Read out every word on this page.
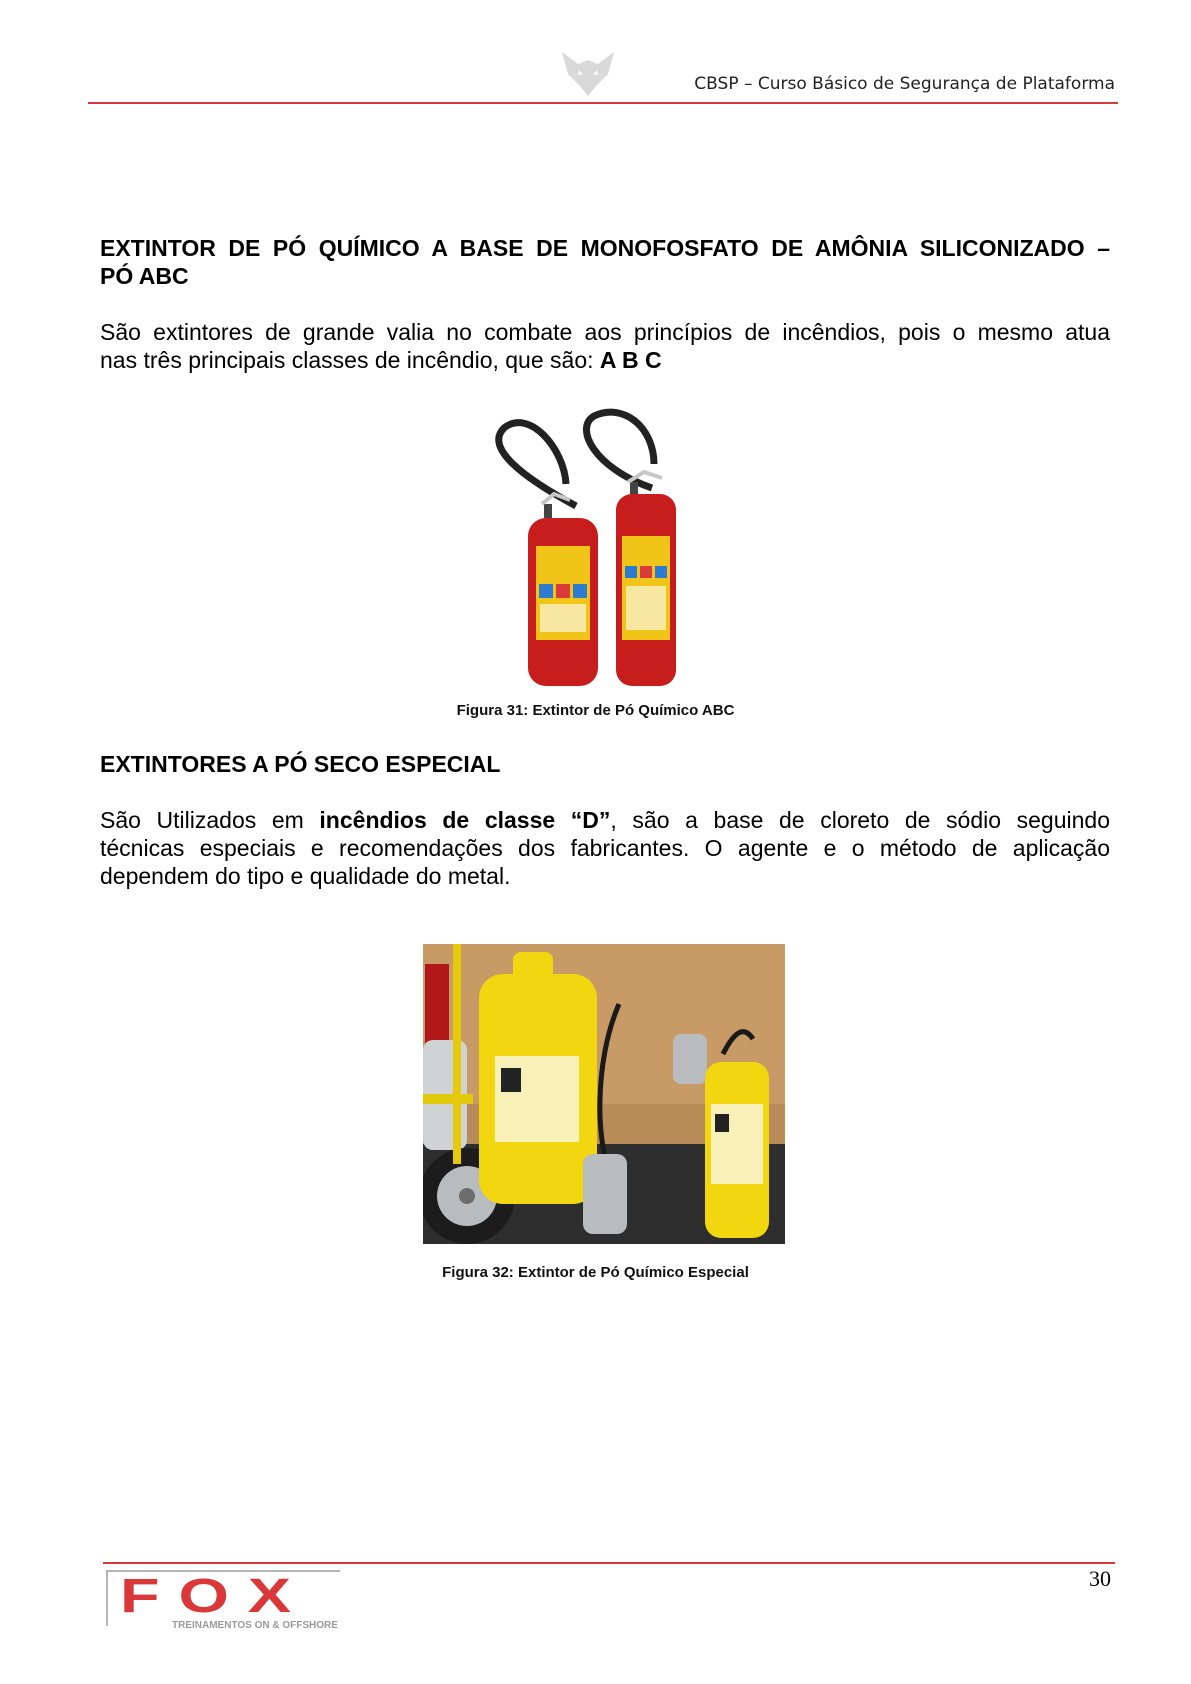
CBSP – Curso Básico de Segurança de Plataforma
EXTINTOR DE PÓ QUÍMICO A BASE DE MONOFOSFATO DE AMÔNIA SILICONIZADO –
PÓ ABC
São extintores de grande valia no combate aos princípios de incêndios, pois o mesmo atua
nas três principais classes de incêndio, que são: A B C
Figura 31: Extintor de Pó Químico ABC
EXTINTORES A PÓ SECO ESPECIAL
São Utilizados em incêndios de classe “D”, são a base de cloreto de sódio seguindo
técnicas especiais e recomendações dos fabricantes. O agente e o método de aplicação
dependem do tipo e qualidade do metal.
Figura 32: Extintor de Pó Químico Especial
30
FOX
TREINAMENTOS ON & OFFSHORE
